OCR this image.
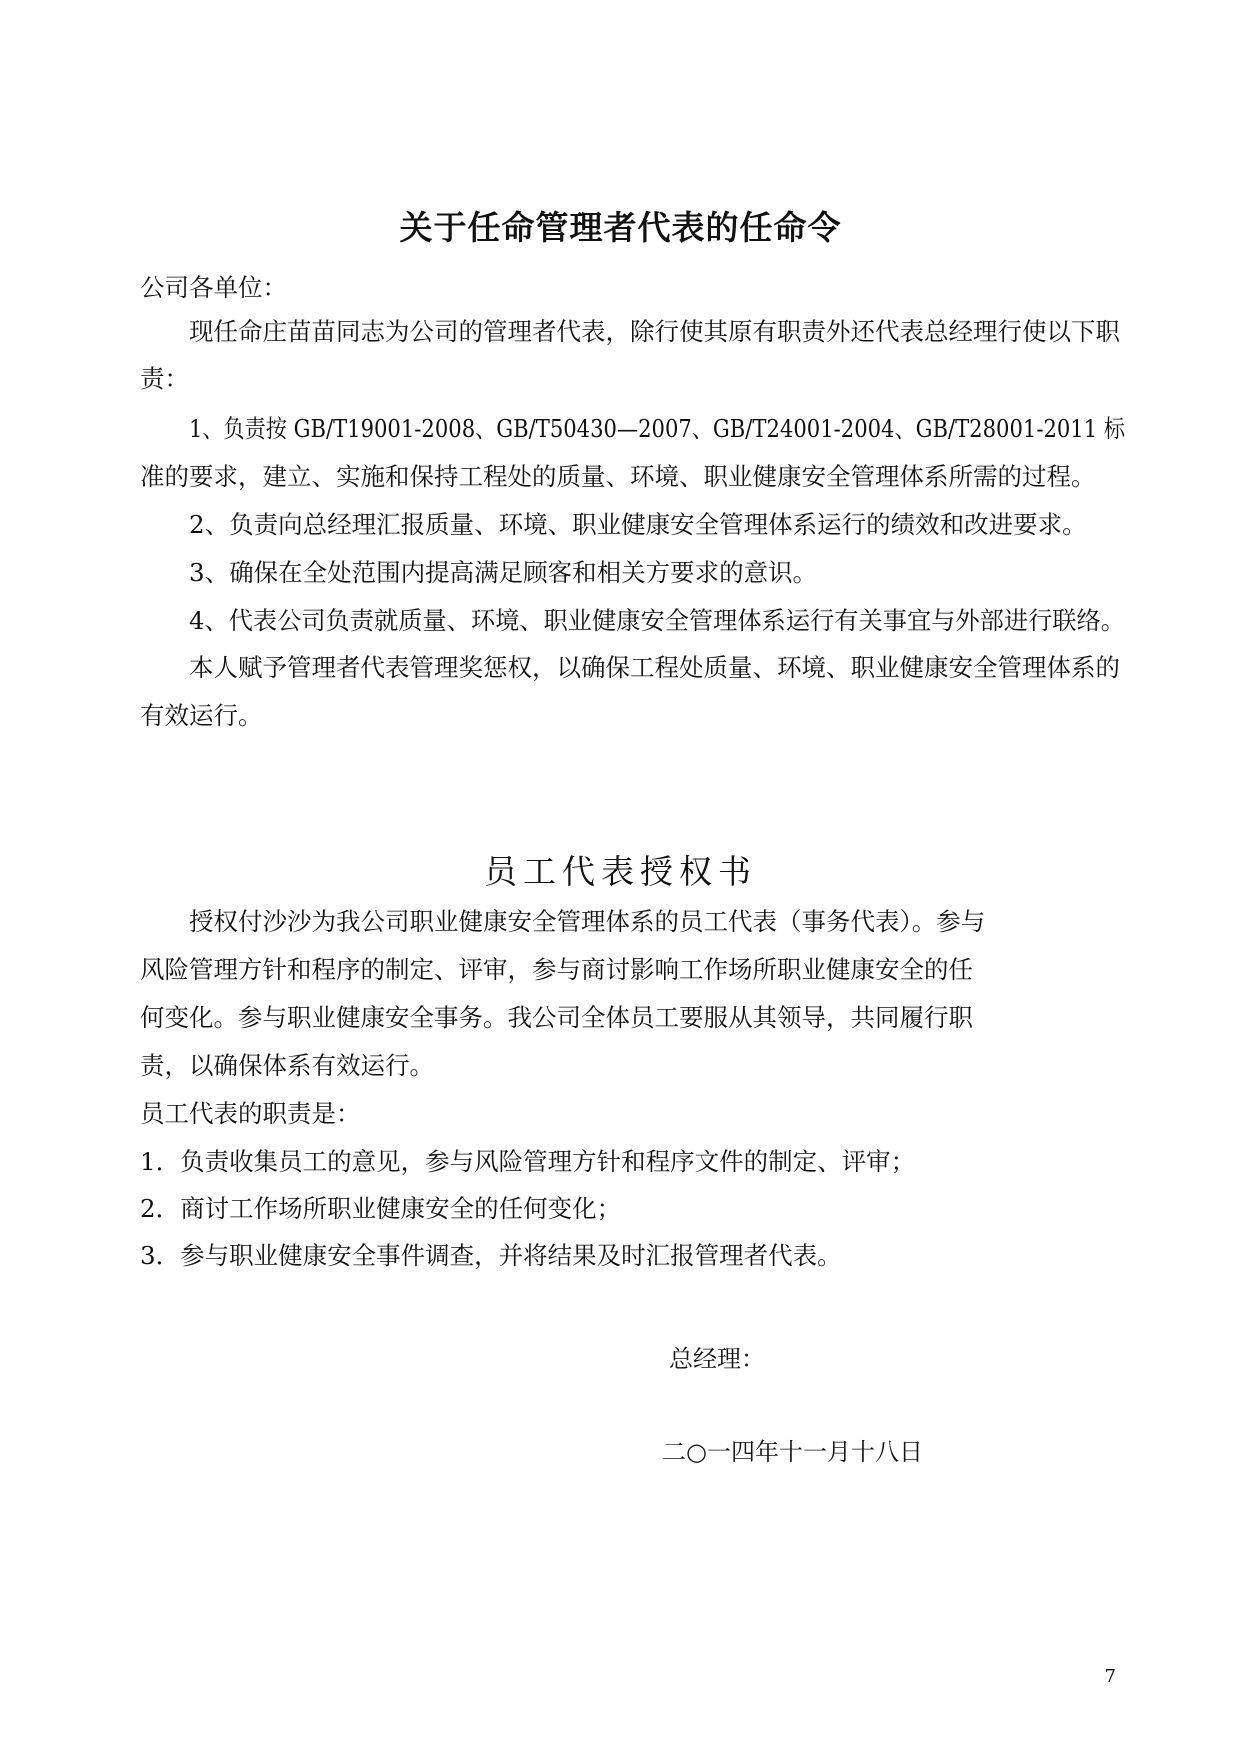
关于任命管理者代表的任命令
公司各单位：
现任命庄苗苗同志为公司的管理者代表，除行使其原有职责外还代表总经理行使以下职
责：
1、负责按 GB/T19001-2008、GB/T50430—2007、GB/T24001-2004、GB/T28001-2011 标
准的要求，建立、实施和保持工程处的质量、环境、职业健康安全管理体系所需的过程。
2、负责向总经理汇报质量、环境、职业健康安全管理体系运行的绩效和改进要求。
3、确保在全处范围内提高满足顾客和相关方要求的意识。
4、代表公司负责就质量、环境、职业健康安全管理体系运行有关事宜与外部进行联络。
本人赋予管理者代表管理奖惩权，以确保工程处质量、环境、职业健康安全管理体系的
有效运行。
员工代表授权书
授权付沙沙为我公司职业健康安全管理体系的员工代表（事务代表）。参与
风险管理方针和程序的制定、评审，参与商讨影响工作场所职业健康安全的任
何变化。参与职业健康安全事务。我公司全体员工要服从其领导，共同履行职
责，以确保体系有效运行。
员工代表的职责是：
1．负责收集员工的意见，参与风险管理方针和程序文件的制定、评审；
2．商讨工作场所职业健康安全的任何变化；
3．参与职业健康安全事件调查，并将结果及时汇报管理者代表。
总经理：
二○一四年十一月十八日
7
